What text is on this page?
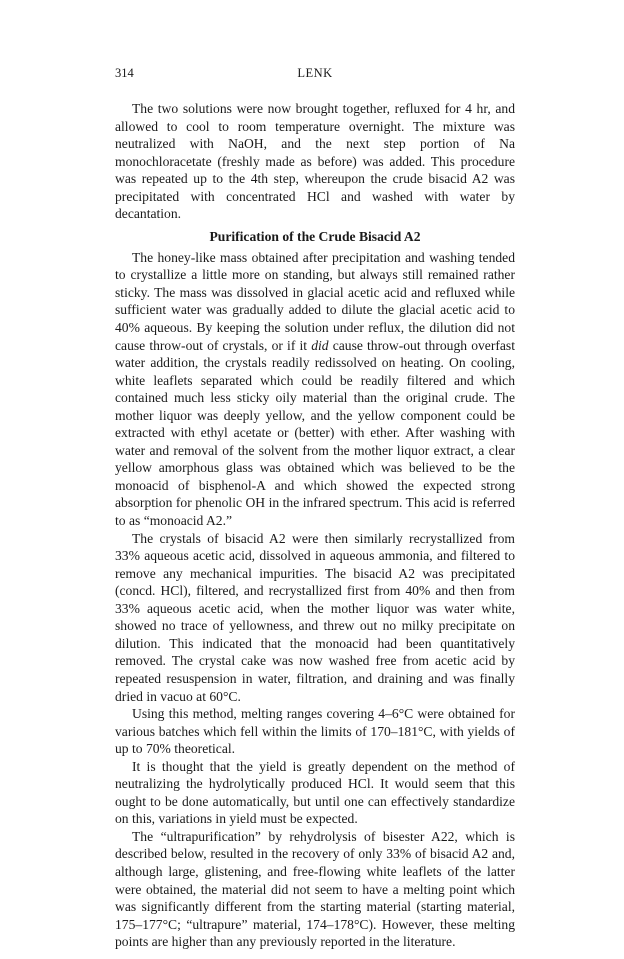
314	LENK

The two solutions were now brought together, refluxed for 4 hr, and allowed to cool to room temperature overnight. The mixture was neutralized with NaOH, and the next step portion of Na monochloracetate (freshly made as before) was added. This procedure was repeated up to the 4th step, whereupon the crude bisacid A2 was precipitated with concentrated HCl and washed with water by decantation.

Purification of the Crude Bisacid A2

The honey-like mass obtained after precipitation and washing tended to crystallize a little more on standing, but always still remained rather sticky. The mass was dissolved in glacial acetic acid and refluxed while sufficient water was gradually added to dilute the glacial acetic acid to 40% aqueous. By keeping the solution under reflux, the dilution did not cause throw-out of crystals, or if it did cause throw-out through overfast water addition, the crystals readily redissolved on heating. On cooling, white leaflets separated which could be readily filtered and which contained much less sticky oily material than the original crude. The mother liquor was deeply yellow, and the yellow component could be extracted with ethyl acetate or (better) with ether. After washing with water and removal of the solvent from the mother liquor extract, a clear yellow amorphous glass was obtained which was believed to be the monoacid of bisphenol-A and which showed the expected strong absorption for phenolic OH in the infrared spectrum. This acid is referred to as “monoacid A2.”

The crystals of bisacid A2 were then similarly recrystallized from 33% aqueous acetic acid, dissolved in aqueous ammonia, and filtered to remove any mechanical impurities. The bisacid A2 was precipitated (concd. HCl), filtered, and recrystallized first from 40% and then from 33% aqueous acetic acid, when the mother liquor was water white, showed no trace of yellowness, and threw out no milky precipitate on dilution. This indicated that the monoacid had been quantitatively removed. The crystal cake was now washed free from acetic acid by repeated resuspension in water, filtration, and draining and was finally dried in vacuo at 60°C.

Using this method, melting ranges covering 4–6°C were obtained for various batches which fell within the limits of 170–181°C, with yields of up to 70% theoretical.

It is thought that the yield is greatly dependent on the method of neutralizing the hydrolytically produced HCl. It would seem that this ought to be done automatically, but until one can effectively standardize on this, variations in yield must be expected.

The “ultrapurification” by rehydrolysis of bisester A22, which is described below, resulted in the recovery of only 33% of bisacid A2 and, although large, glistening, and free-flowing white leaflets of the latter were obtained, the material did not seem to have a melting point which was significantly different from the starting material (starting material, 175–177°C; “ultrapure” material, 174–178°C). However, these melting points are higher than any previously reported in the literature.
